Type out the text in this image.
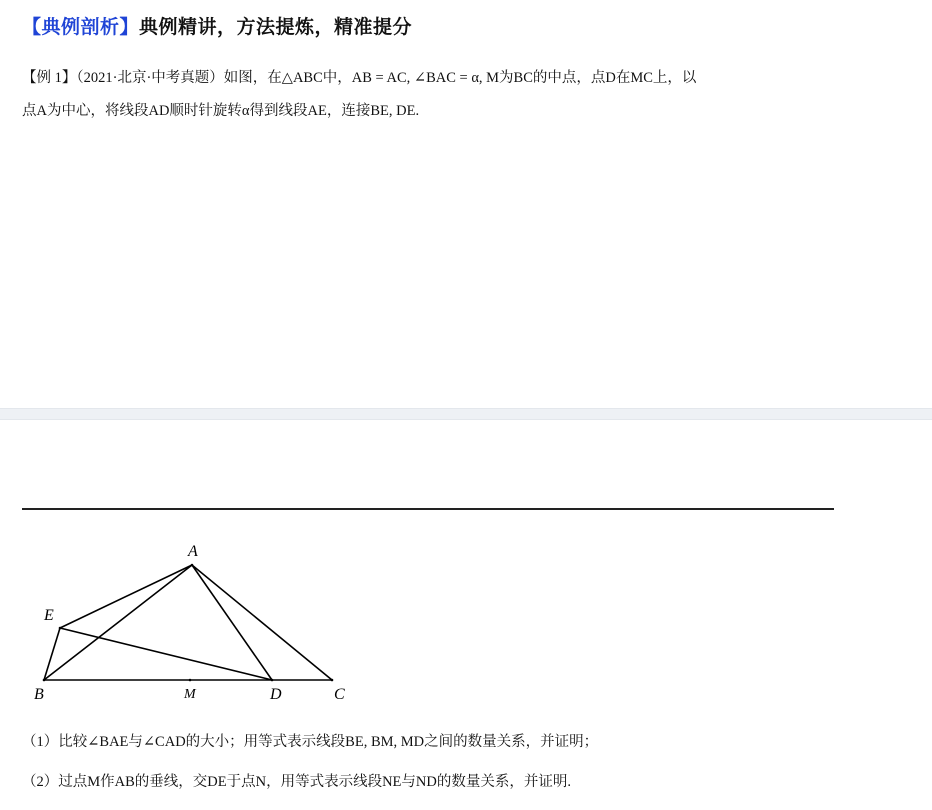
【典例剖析】典例精讲，方法提炼，精准提分
【例 1】（2021·北京·中考真题）如图，在△ABC中，AB = AC, ∠BAC = α, M为BC的中点，点D在MC上，以
点A为中心，将线段AD顺时针旋转α得到线段AE，连接BE, DE.
A
B	C
D
E
M
（1）比较∠BAE与∠CAD的大小；用等式表示线段BE, BM, MD之间的数量关系，并证明；
（2）过点M作AB的垂线，交DE于点N，用等式表示线段NE与ND的数量关系，并证明.
